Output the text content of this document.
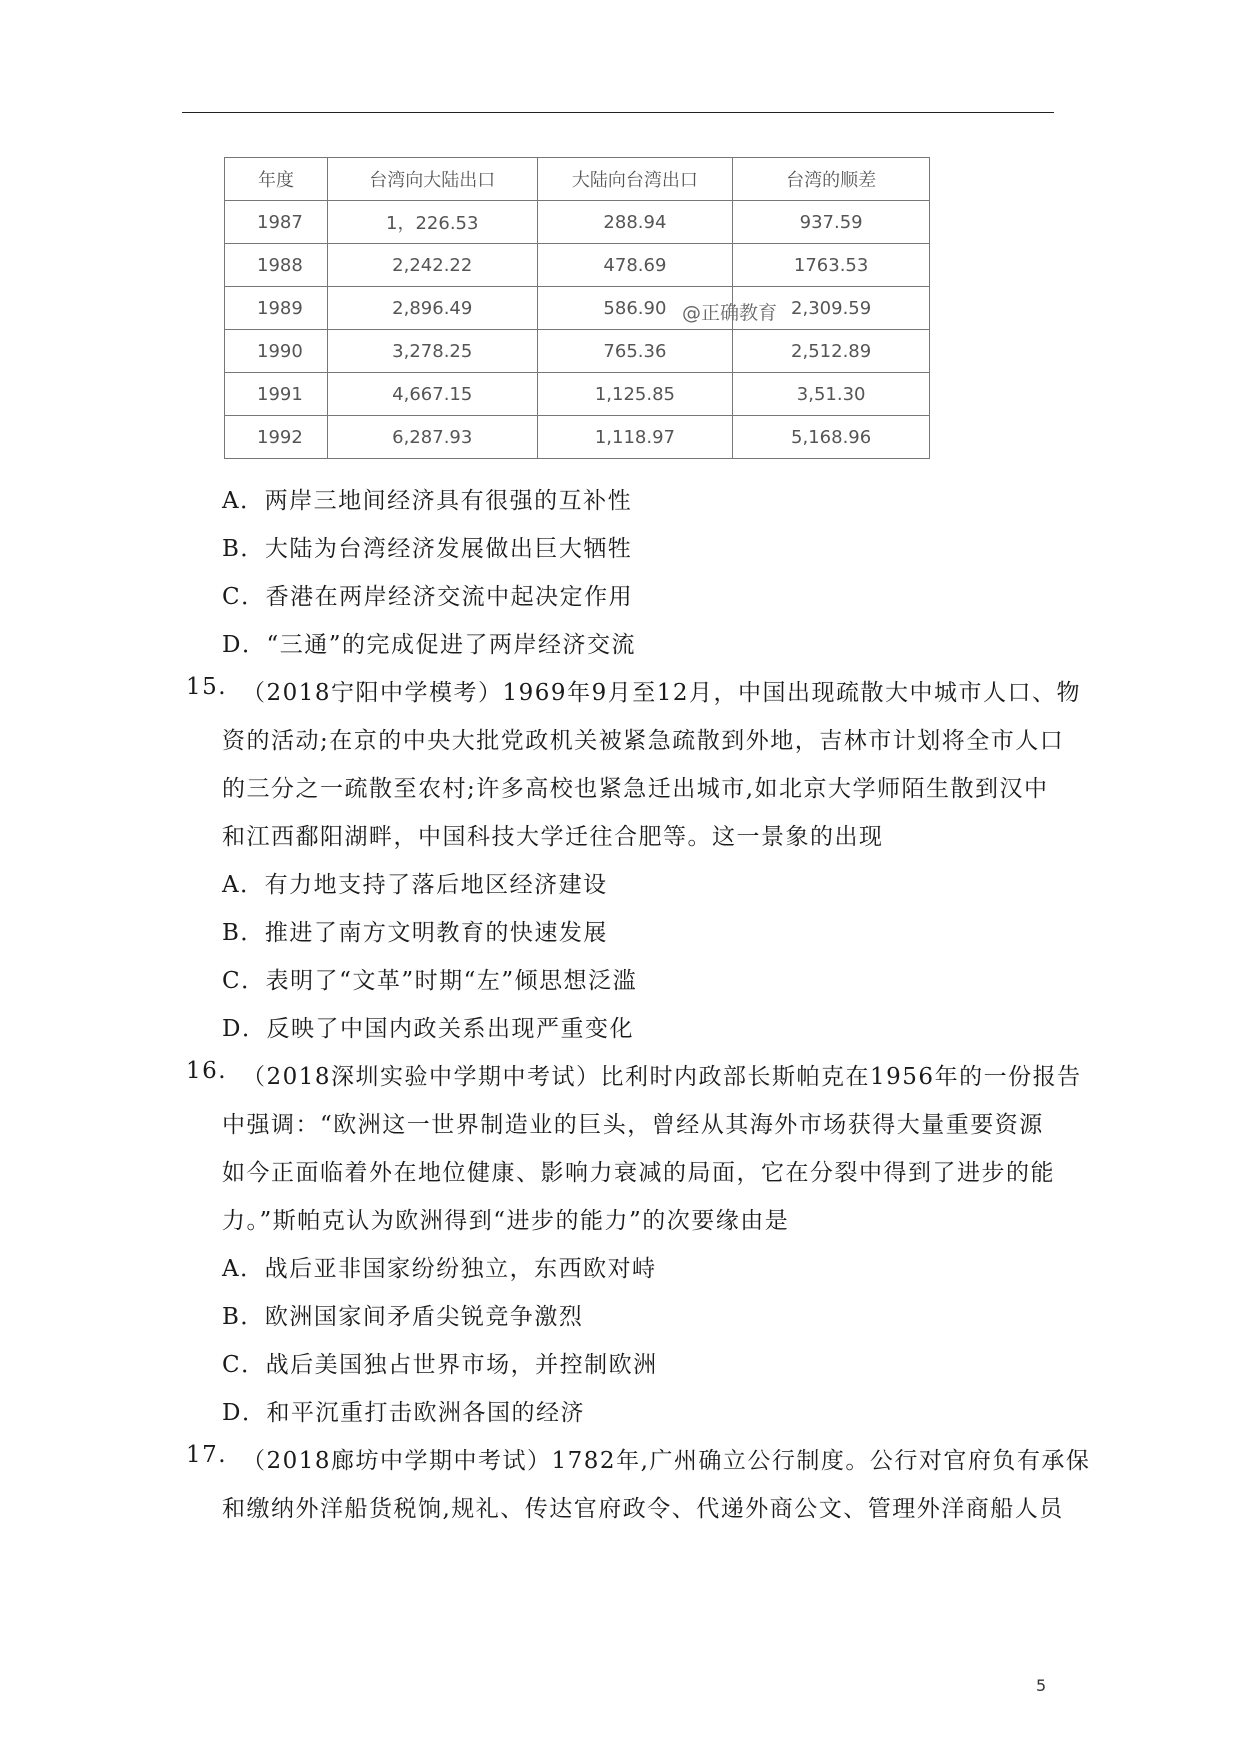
年度	台湾向大陆出口	大陆向台湾出口	台湾的顺差
1987	1，226.53	288.94	937.59
1988	2,242.22	478.69	1763.53
1989	2,896.49	586.90	2,309.59
1990	3,278.25	765.36	2,512.89
1991	4,667.15	1,125.85	3,51.30
1992	6,287.93	1,118.97	5,168.96
@正确教育
A．两岸三地间经济具有很强的互补性
B．大陆为台湾经济发展做出巨大牺牲
C．香港在两岸经济交流中起决定作用
D．“三通”的完成促进了两岸经济交流
15. （2018宁阳中学模考）1969年9月至12月，中国出现疏散大中城市人口、物
资的活动;在京的中央大批党政机关被紧急疏散到外地，吉林市计划将全市人口
的三分之一疏散至农村;许多高校也紧急迁出城市,如北京大学师陌生散到汉中
和江西鄱阳湖畔，中国科技大学迁往合肥等。这一景象的出现
A．有力地支持了落后地区经济建设
B．推进了南方文明教育的快速发展
C．表明了“文革”时期“左”倾思想泛滥
D．反映了中国内政关系出现严重变化
16. （2018深圳实验中学期中考试）比利时内政部长斯帕克在1956年的一份报告
中强调：“欧洲这一世界制造业的巨头，曾经从其海外市场获得大量重要资源
如今正面临着外在地位健康、影响力衰减的局面，它在分裂中得到了进步的能
力。”斯帕克认为欧洲得到“进步的能力”的次要缘由是
A．战后亚非国家纷纷独立，东西欧对峙
B．欧洲国家间矛盾尖锐竞争激烈
C．战后美国独占世界市场，并控制欧洲
D．和平沉重打击欧洲各国的经济
17. （2018廊坊中学期中考试）1782年,广州确立公行制度。公行对官府负有承保
和缴纳外洋船货税饷,规礼、传达官府政令、代递外商公文、管理外洋商船人员
5
